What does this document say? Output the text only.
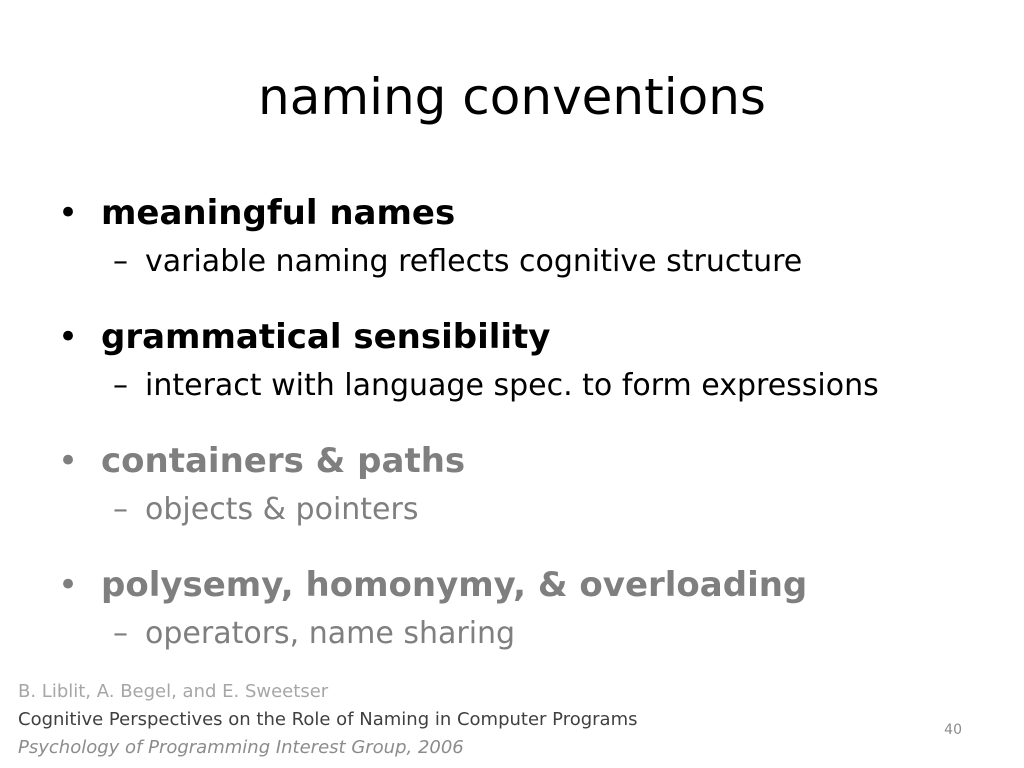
naming conventions
• meaningful names
– variable naming reflects cognitive structure
• grammatical sensibility
– interact with language spec. to form expressions
• containers & paths
– objects & pointers
• polysemy, homonymy, & overloading
– operators, name sharing
B. Liblit, A. Begel, and E. Sweetser
Cognitive Perspectives on the Role of Naming in Computer Programs
Psychology of Programming Interest Group, 2006
40
